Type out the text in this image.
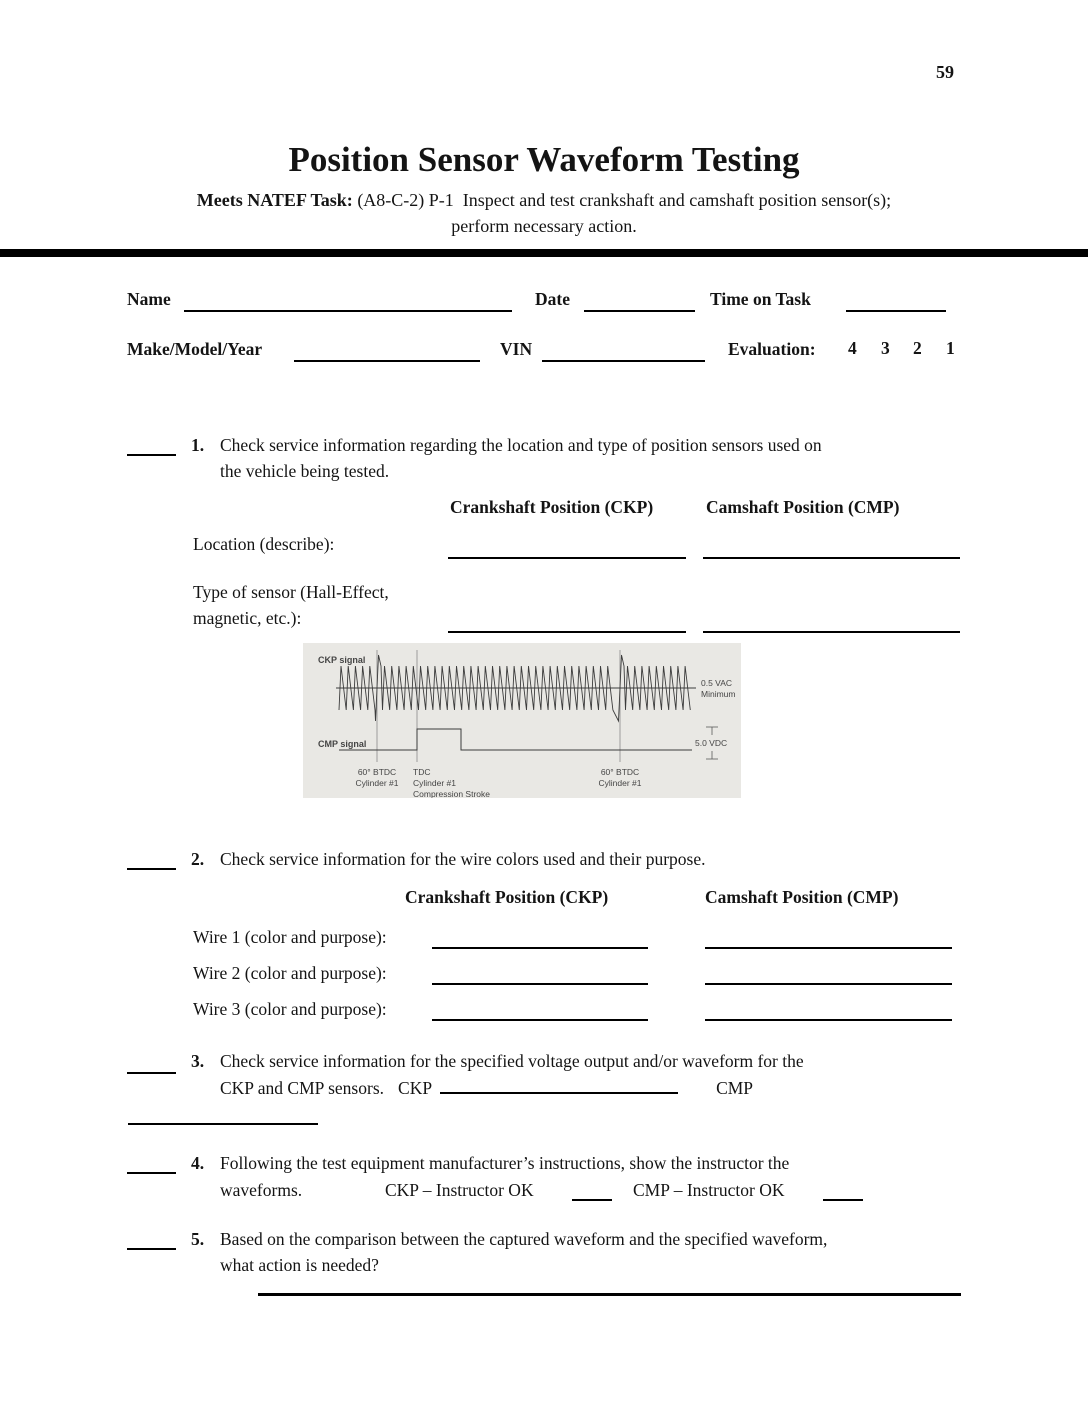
59
Position Sensor Waveform Testing
Meets NATEF Task: (A8-C-2) P-1  Inspect and test crankshaft and camshaft position sensor(s);
perform necessary action.
Name	Date	Time on Task
Make/Model/Year	VIN	Evaluation: 4 3 2 1
1. Check service information regarding the location and type of position sensors used on
the vehicle being tested.
Crankshaft Position (CKP)	Camshaft Position (CMP)
Location (describe):
Type of sensor (Hall-Effect,
magnetic, etc.):
CKP signal
CMP signal
0.5 VAC
Minimum
5.0 VDC
60° BTDC
Cylinder #1
TDC
Cylinder #1
Compression Stroke
60° BTDC
Cylinder #1
2. Check service information for the wire colors used and their purpose.
Crankshaft Position (CKP)	Camshaft Position (CMP)
Wire 1 (color and purpose):
Wire 2 (color and purpose):
Wire 3 (color and purpose):
3. Check service information for the specified voltage output and/or waveform for the
CKP and CMP sensors. CKP	CMP
4. Following the test equipment manufacturer’s instructions, show the instructor the
waveforms.	CKP – Instructor OK	CMP – Instructor OK
5. Based on the comparison between the captured waveform and the specified waveform,
what action is needed?
